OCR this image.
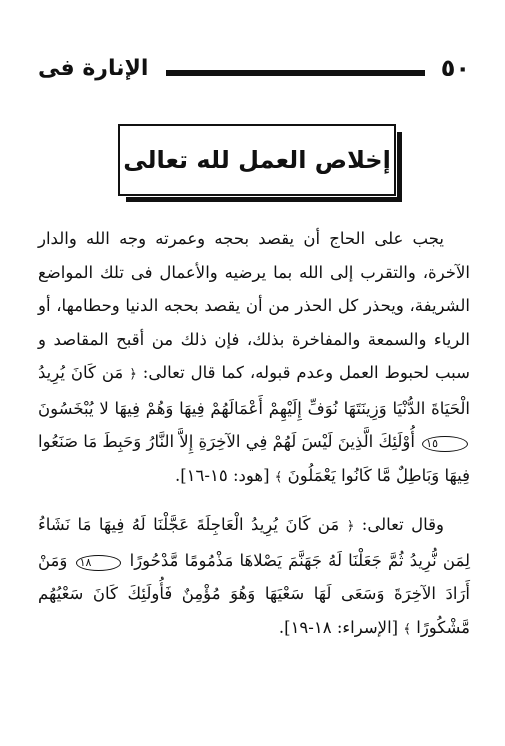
٥٠
الإنارة فى
إخلاص العمل لله تعالى

يجب على الحاج أن يقصد بحجه وعمرته وجه الله والدار الآخرة، والتقرب إلى الله بما يرضيه والأعمال فى تلك المواضع الشريفة، ويحذر كل الحذر من أن يقصد بحجه الدنيا وحطامها، أو الرياء والسمعة والمفاخرة بذلك، فإن ذلك من أقبح المقاصد و سبب لحبوط العمل وعدم قبوله، كما قال تعالى: ﴿ مَن كَانَ يُرِيدُ الْحَيَاةَ الدُّنْيَا وَزِينَتَهَا نُوَفِّ إِلَيْهِمْ أَعْمَالَهُمْ فِيهَا وَهُمْ فِيهَا لا يُبْخَسُونَ ١٥ أُوْلَئِكَ الَّذِينَ لَيْسَ لَهُمْ فِي الآخِرَةِ إِلاَّ النَّارُ وَحَبِطَ مَا صَنَعُوا فِيهَا وَبَاطِلٌ مَّا كَانُوا يَعْمَلُونَ ﴾ [هود: ١٥-١٦].

وقال تعالى: ﴿ مَن كَانَ يُرِيدُ الْعَاجِلَةَ عَجَّلْنَا لَهُ فِيهَا مَا نَشَاءُ لِمَن نُّرِيدُ ثُمَّ جَعَلْنَا لَهُ جَهَنَّمَ يَصْلاهَا مَذْمُومًا مَّدْحُورًا ١٨ وَمَنْ أَرَادَ الآخِرَةَ وَسَعَى لَهَا سَعْيَهَا وَهُوَ مُؤْمِنٌ فَأُولَئِكَ كَانَ سَعْيُهُم مَّشْكُورًا ﴾ [الإسراء: ١٨-١٩].
